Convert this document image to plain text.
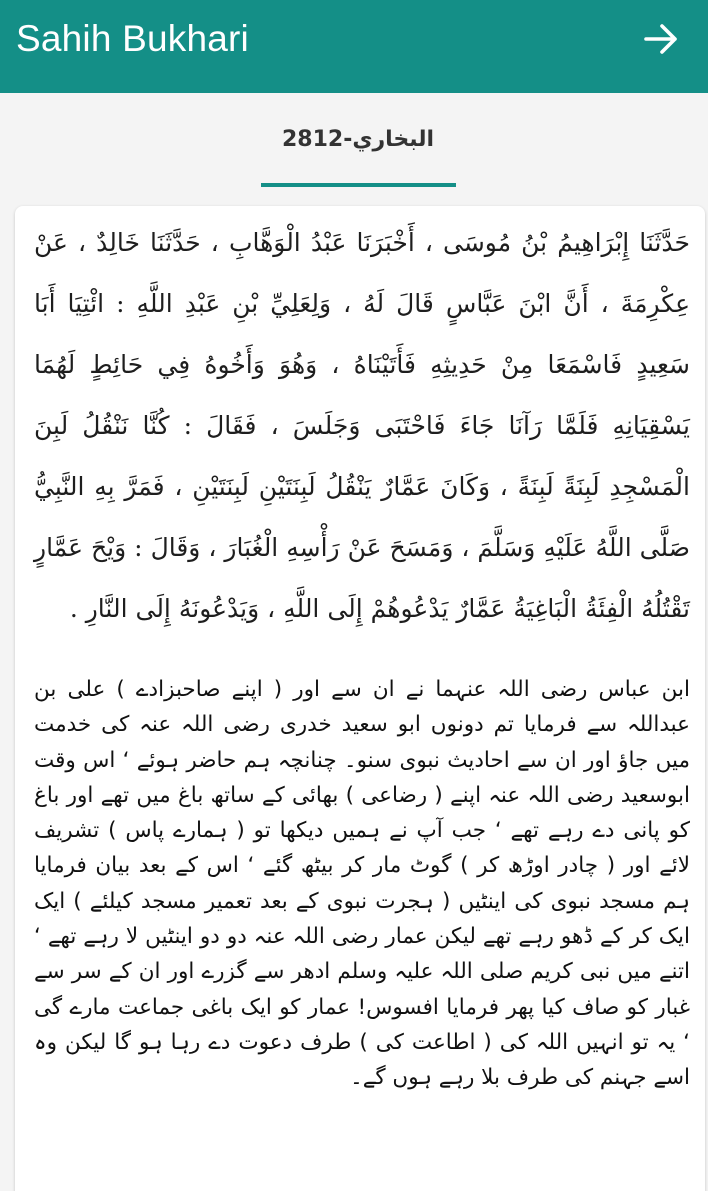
Sahih Bukhari
البخاري-2812

حَدَّثَنَا إِبْرَاهِيمُ بْنُ مُوسَى ، أَخْبَرَنَا عَبْدُ الْوَهَّابِ ، حَدَّثَنَا خَالِدٌ ، عَنْ عِكْرِمَةَ ، أَنَّ ابْنَ عَبَّاسٍ قَالَ لَهُ ، وَلِعَلِيِّ بْنِ عَبْدِ اللَّهِ : ائْتِيَا أَبَا سَعِيدٍ فَاسْمَعَا مِنْ حَدِيثِهِ فَأَتَيْنَاهُ ، وَهُوَ وَأَخُوهُ فِي حَائِطٍ لَهُمَا يَسْقِيَانِهِ فَلَمَّا رَآنَا جَاءَ فَاحْتَبَى وَجَلَسَ ، فَقَالَ : كُنَّا نَنْقُلُ لَبِنَ الْمَسْجِدِ لَبِنَةً لَبِنَةً ، وَكَانَ عَمَّارٌ يَنْقُلُ لَبِنَتَيْنِ لَبِنَتَيْنِ ، فَمَرَّ بِهِ النَّبِيُّ صَلَّى اللَّهُ عَلَيْهِ وَسَلَّمَ ، وَمَسَحَ عَنْ رَأْسِهِ الْغُبَارَ ، وَقَالَ : وَيْحَ عَمَّارٍ تَقْتُلُهُ الْفِئَةُ الْبَاغِيَةُ عَمَّارٌ يَدْعُوهُمْ إِلَى اللَّهِ ، وَيَدْعُونَهُ إِلَى النَّارِ .

ابن عباس رضی اللہ عنہما نے ان سے اور ( اپنے صاحبزادے ) علی بن عبداللہ سے فرمایا تم دونوں ابو سعید خدری رضی اللہ عنہ کی خدمت میں جاؤ اور ان سے احادیث نبوی سنو۔ چنانچہ ہم حاضر ہوئے ‘ اس وقت ابوسعید رضی اللہ عنہ اپنے ( رضاعی ) بھائی کے ساتھ باغ میں تھے اور باغ کو پانی دے رہے تھے ‘ جب آپ نے ہمیں دیکھا تو ( ہمارے پاس ) تشریف لائے اور ( چادر اوڑھ کر ) گوٹ مار کر بیٹھ گئے ‘ اس کے بعد بیان فرمایا ہم مسجد نبوی کی اینٹیں ( ہجرت نبوی کے بعد تعمیر مسجد کیلئے ) ایک ایک کر کے ڈھو رہے تھے لیکن عمار رضی اللہ عنہ دو دو اینٹیں لا رہے تھے ‘ اتنے میں نبی کریم صلی اللہ علیہ وسلم ادھر سے گزرے اور ان کے سر سے غبار کو صاف کیا پھر فرمایا افسوس! عمار کو ایک باغی جماعت مارے گی ‘ یہ تو انہیں اللہ کی ( اطاعت کی ) طرف دعوت دے رہا ہو گا لیکن وہ اسے جہنم کی طرف بلا رہے ہوں گے۔
